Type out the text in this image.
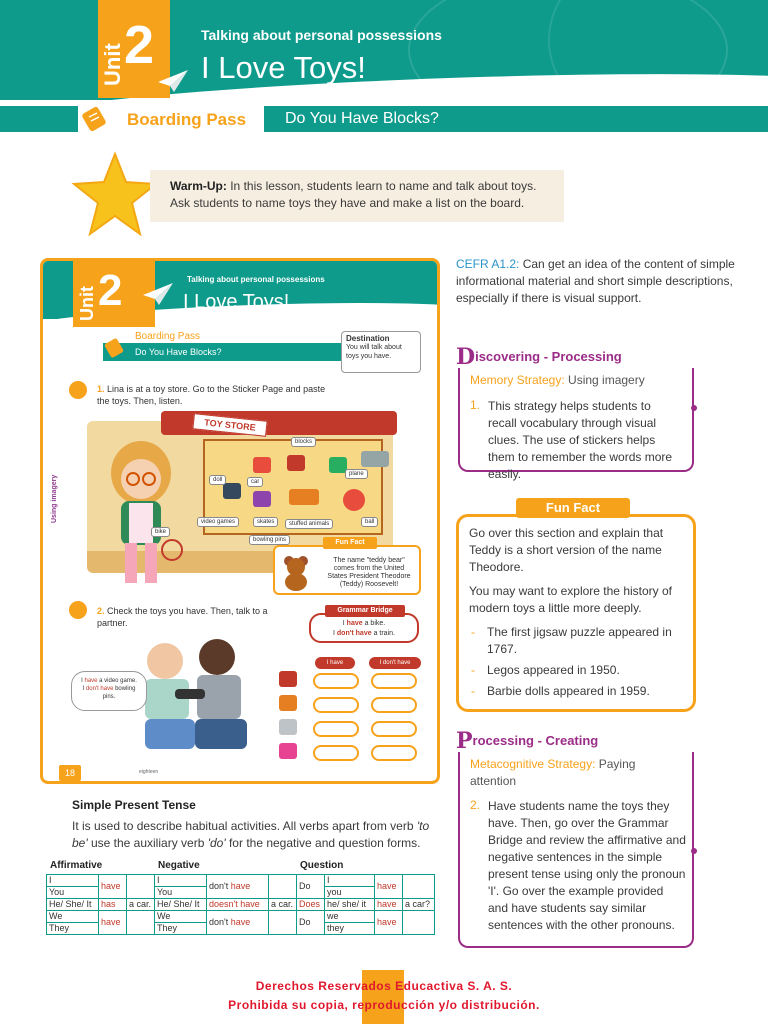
Unit 2	Talking about personal possessions
I Love Toys!
Boarding Pass Do You Have Blocks?
Warm-Up: In this lesson, students learn to name and talk about toys. Ask students to name toys they have and make a list on the board.
Unit 2	Talking about personal possessions
I Love Toys!
Boarding Pass
Do You Have Blocks?
Destination
You will talk about toys you have.
1. Lina is at a toy store. Go to the Sticker Page and paste the toys. Then, listen.
Using imagery
TOY STORE
blocks
plane
doll	car
video games	skates	stuffed animals	ball
bike
bowling pins
The name "teddy bear" comes from the United States President Theodore (Teddy) Roosevelt!
Fun Fact
2. Check the toys you have. Then, talk to a partner.
I have a video game.
I don't have bowling pins.
I have a bike.
I don't have a train.
Grammar Bridge
I have	I don't have
18	eighteen
CEFR A1.2: Can get an idea of the content of simple informational material and short simple descriptions, especially if there is visual support.
Discovering - Processing
Memory Strategy: Using imagery
1. This strategy helps students to recall vocabulary through visual clues. The use of stickers helps them to remember the words more easily.

Go over this section and explain that Teddy is a short version of the name Theodore.

You may want to explore the history of modern toys a little more deeply.

- The first jigsaw puzzle appeared in 1767.
- Legos appeared in 1950.
- Barbie dolls appeared in 1959.
Fun Fact
Processing - Creating
Metacognitive Strategy: Paying attention
2. Have students name the toys they have. Then, go over the Grammar Bridge and review the affirmative and negative sentences in the simple present tense using only the pronoun 'I'. Go over the example provided and have students say similar sentences with the other pronouns.
Simple Present Tense
It is used to describe habitual activities. All verbs apart from verb 'to be' use the auxiliary verb 'do' for the negative and question forms.
Affirmative	Negative	Question
I	have		I	don't have		Do	I	have	
You			You				you		
He/ She/ It	has	a car.	He/ She/ It	doesn't have	a car.	Does	he/ she/ it	have	a car?
We	have		We	don't have		Do	we	have	
They			They				they		
Derechos Reservados Educactiva S. A. S.
Prohibida su copia, reproducción y/o distribución.
